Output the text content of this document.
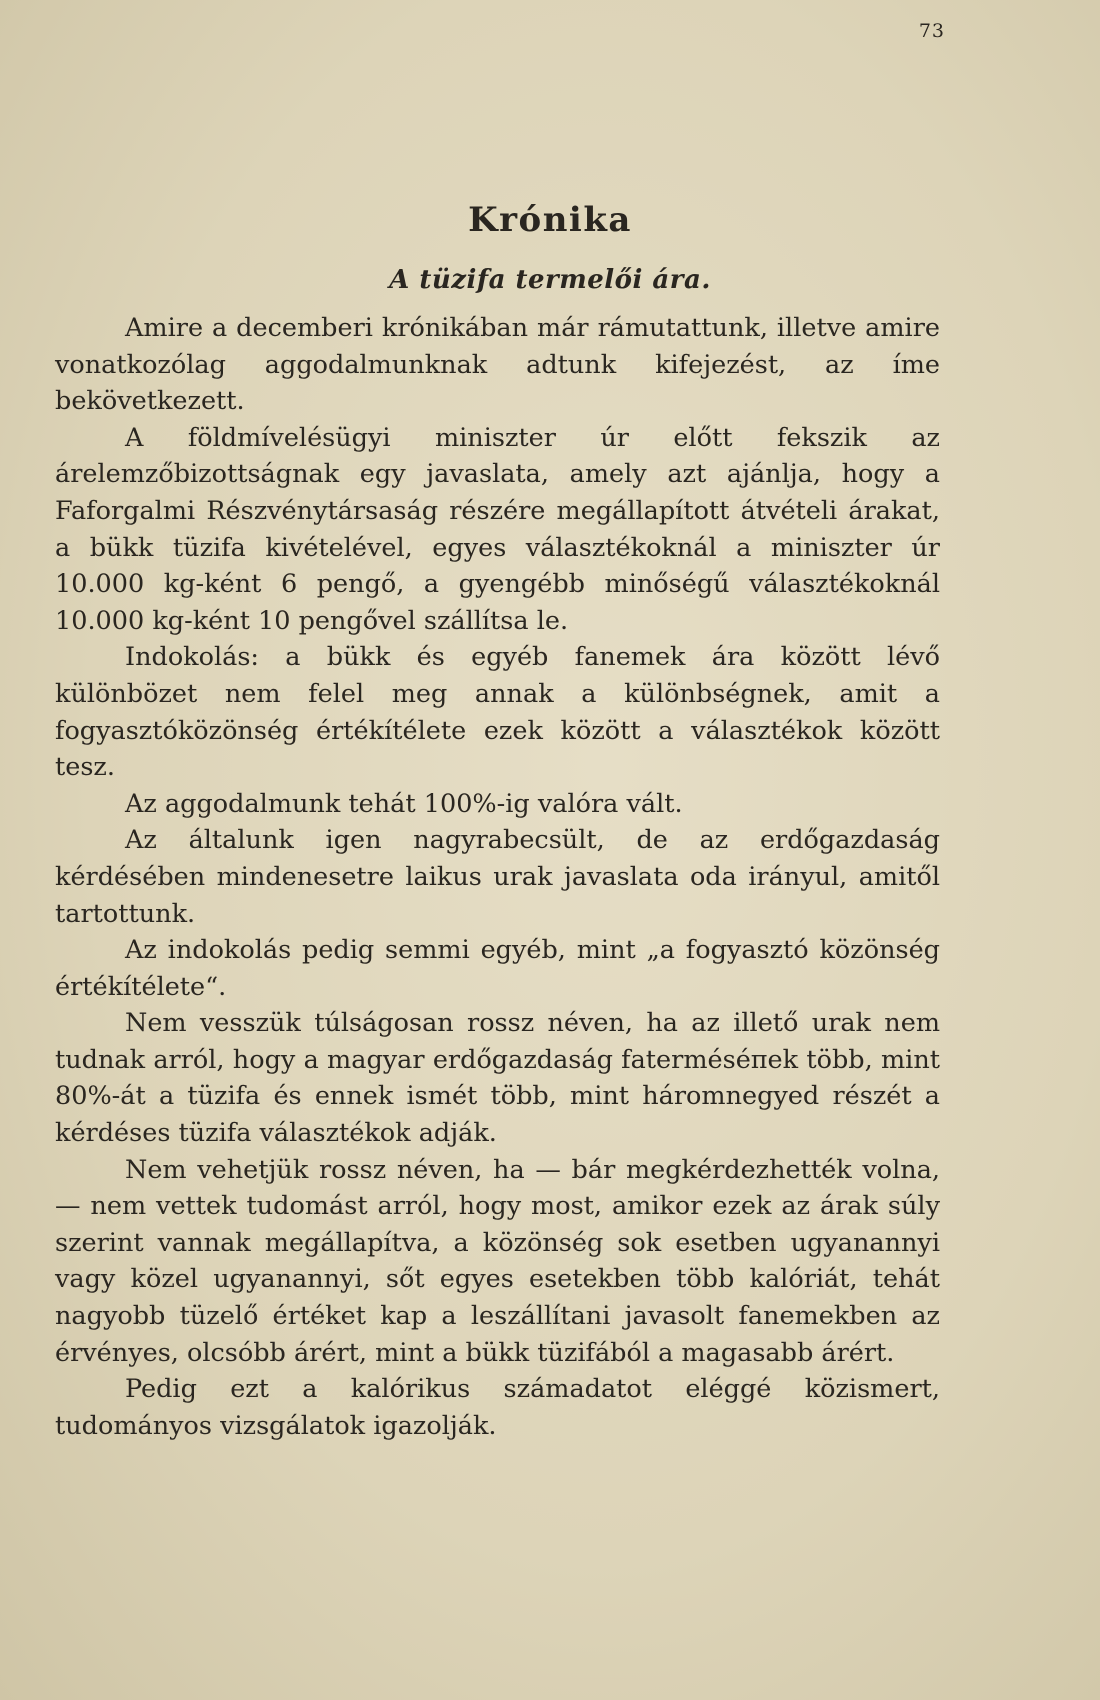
73
Krónika
A tüzifa termelői ára.

Amire a decemberi krónikában már rámutattunk, illetve amire vonatkozólag aggodalmunknak adtunk kifejezést, az íme bekövetkezett.

A földmívelésügyi miniszter úr előtt fekszik az árelemzőbizottságnak egy javaslata, amely azt ajánlja, hogy a Faforgalmi Részvénytársaság részére megállapított átvételi árakat, a bükk tüzifa kivételével, egyes választékoknál a miniszter úr 10.000 kg-ként 6 pengő, a gyengébb minőségű választékoknál 10.000 kg-ként 10 pengővel szállítsa le.

Indokolás: a bükk és egyéb fanemek ára között lévő különbözet nem felel meg annak a különbségnek, amit a fogyasztóközönség értékítélete ezek között a választékok között tesz.

Az aggodalmunk tehát 100%-ig valóra vált.

Az általunk igen nagyrabecsült, de az erdőgazdaság kérdésében mindenesetre laikus urak javaslata oda irányul, amitől tartottunk.

Az indokolás pedig semmi egyéb, mint „a fogyasztó közönség értékítélete“.

Nem vesszük túlságosan rossz néven, ha az illető urak nem tudnak arról, hogy a magyar erdőgazdaság faterméséπek több, mint 80%-át a tüzifa és ennek ismét több, mint háromnegyed részét a kérdéses tüzifa választékok adják.

Nem vehetjük rossz néven, ha — bár megkérdezhették volna, — nem vettek tudomást arról, hogy most, amikor ezek az árak súly szerint vannak megállapítva, a közönség sok esetben ugyanannyi vagy közel ugyanannyi, sőt egyes esetekben több kalóriát, tehát nagyobb tüzelő értéket kap a leszállítani javasolt fanemekben az érvényes, olcsóbb árért, mint a bükk tüzifából a magasabb árért.

Pedig ezt a kalórikus számadatot eléggé közismert, tudományos vizsgálatok igazolják.
